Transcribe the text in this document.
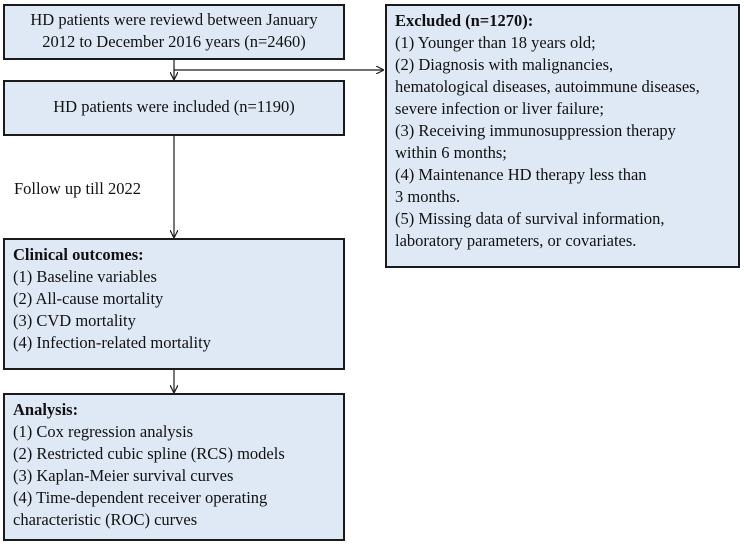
HD patients were reviewd between January
2012 to December 2016 years (n=2460)
HD patients were included (n=1190)
Follow up till 2022
Clinical outcomes:
(1) Baseline variables
(2) All-cause mortality
(3) CVD mortality
(4) Infection-related mortality
Analysis:
(1) Cox regression analysis
(2) Restricted cubic spline (RCS) models
(3) Kaplan-Meier survival curves
(4) Time-dependent receiver operating
characteristic (ROC) curves
Excluded (n=1270):
(1) Younger than 18 years old;
(2) Diagnosis with malignancies,
hematological diseases, autoimmune diseases,
severe infection or liver failure;
(3) Receiving immunosuppression therapy
within 6 months;
(4) Maintenance HD therapy less than
3 months.
(5) Missing data of survival information,
laboratory parameters, or covariates.
